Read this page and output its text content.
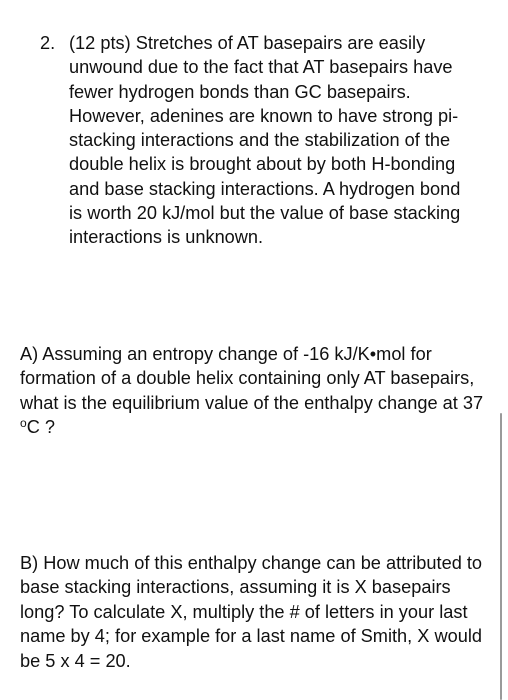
2. (12 pts) Stretches of AT basepairs are easily unwound due to the fact that AT basepairs have fewer hydrogen bonds than GC basepairs. However, adenines are known to have strong pi-stacking interactions and the stabilization of the double helix is brought about by both H-bonding and base stacking interactions. A hydrogen bond is worth 20 kJ/mol but the value of base stacking interactions is unknown.
A) Assuming an entropy change of -16 kJ/K•mol for formation of a double helix containing only AT basepairs, what is the equilibrium value of the enthalpy change at 37 $^o$C ?
B) How much of this enthalpy change can be attributed to base stacking interactions, assuming it is X basepairs long? To calculate X, multiply the # of letters in your last name by 4; for example for a last name of Smith, X would be 5 x 4 = 20.
